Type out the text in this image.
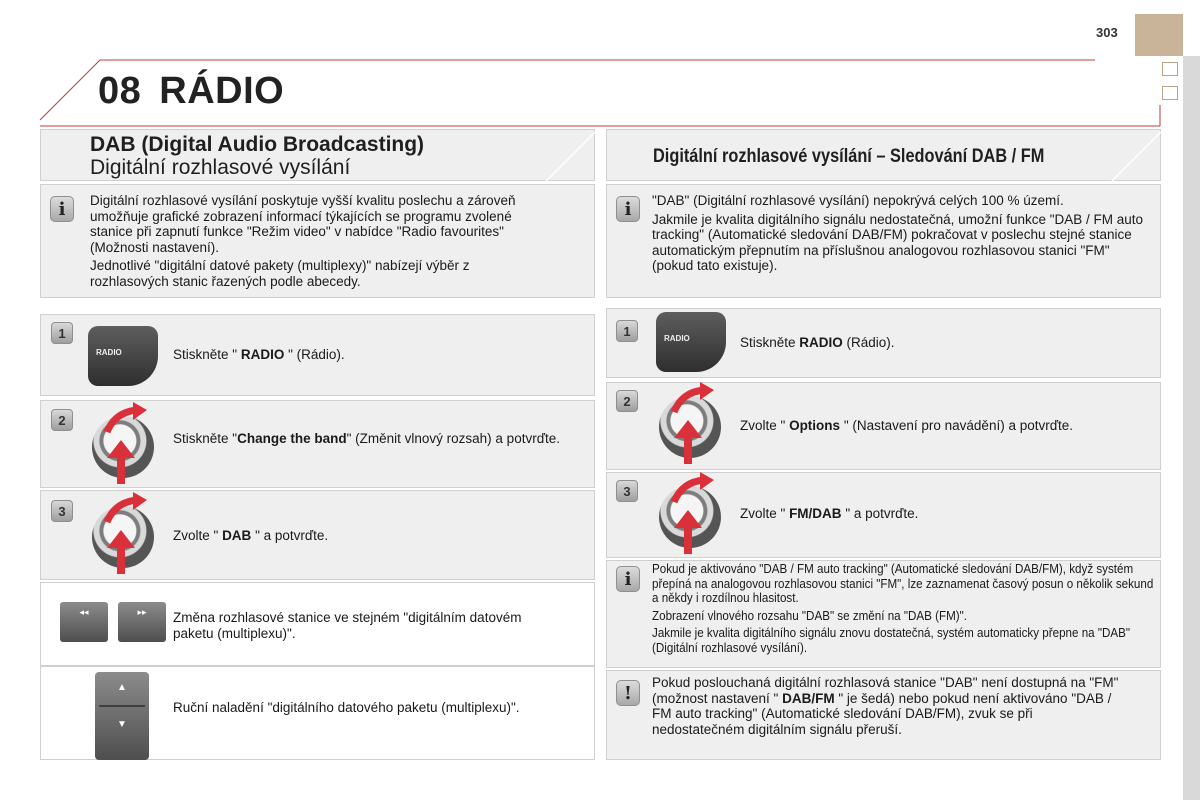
303
08 RÁDIO
DAB (Digital Audio Broadcasting)
Digitální rozhlasové vysílání
i	Digitální rozhlasové vysílání poskytuje vyšší kvalitu poslechu a zároveň umožňuje grafické zobrazení informací týkajících se programu zvolené stanice při zapnutí funkce "Režim video" v nabídce "Radio favourites" (Možnosti nastavení).

Jednotlivé "digitální datové pakety (multiplexy)" nabízejí výběr z rozhlasových stanic řazených podle abecedy.

1
RADIO	Stiskněte " RADIO " (Rádio).
2
Stiskněte "Change the band" (Změnit vlnový rozsah) a potvrďte.
3
Zvolte " DAB " a potvrďte.
◂◂	▸▸	Změna rozhlasové stanice ve stejném "digitálním datovém paketu (multiplexu)".
▲
▼
Ruční naladění "digitálního datového paketu (multiplexu)".
Digitální rozhlasové vysílání – Sledování DAB / FM
i	"DAB" (Digitální rozhlasové vysílání) nepokrývá celých 100 % území.

Jakmile je kvalita digitálního signálu nedostatečná, umožní funkce "DAB / FM auto tracking" (Automatické sledování DAB/FM) pokračovat v poslechu stejné stanice automatickým přepnutím na příslušnou analogovou rozhlasovou stanici "FM" (pokud tato existuje).

1	RADIO	Stiskněte RADIO (Rádio).
2
Zvolte " Options " (Nastavení pro navádění) a potvrďte.
3
Zvolte " FM/DAB " a potvrďte.
i	Pokud je aktivováno "DAB / FM auto tracking" (Automatické sledování DAB/FM), když systém přepíná na analogovou rozhlasovou stanici "FM", lze zaznamenat časový posun o několik sekund a někdy i rozdílnou hlasitost.

Zobrazení vlnového rozsahu "DAB" se změní na "DAB (FM)".

Jakmile je kvalita digitálního signálu znovu dostatečná, systém automaticky přepne na "DAB" (Digitální rozhlasové vysílání).

!
Pokud poslouchaná digitální rozhlasová stanice "DAB" není dostupná na "FM" (možnost nastavení " DAB/FM " je šedá) nebo pokud není aktivováno "DAB / FM auto tracking" (Automatické sledování DAB/FM), zvuk se při nedostatečném digitálním signálu přeruší.
